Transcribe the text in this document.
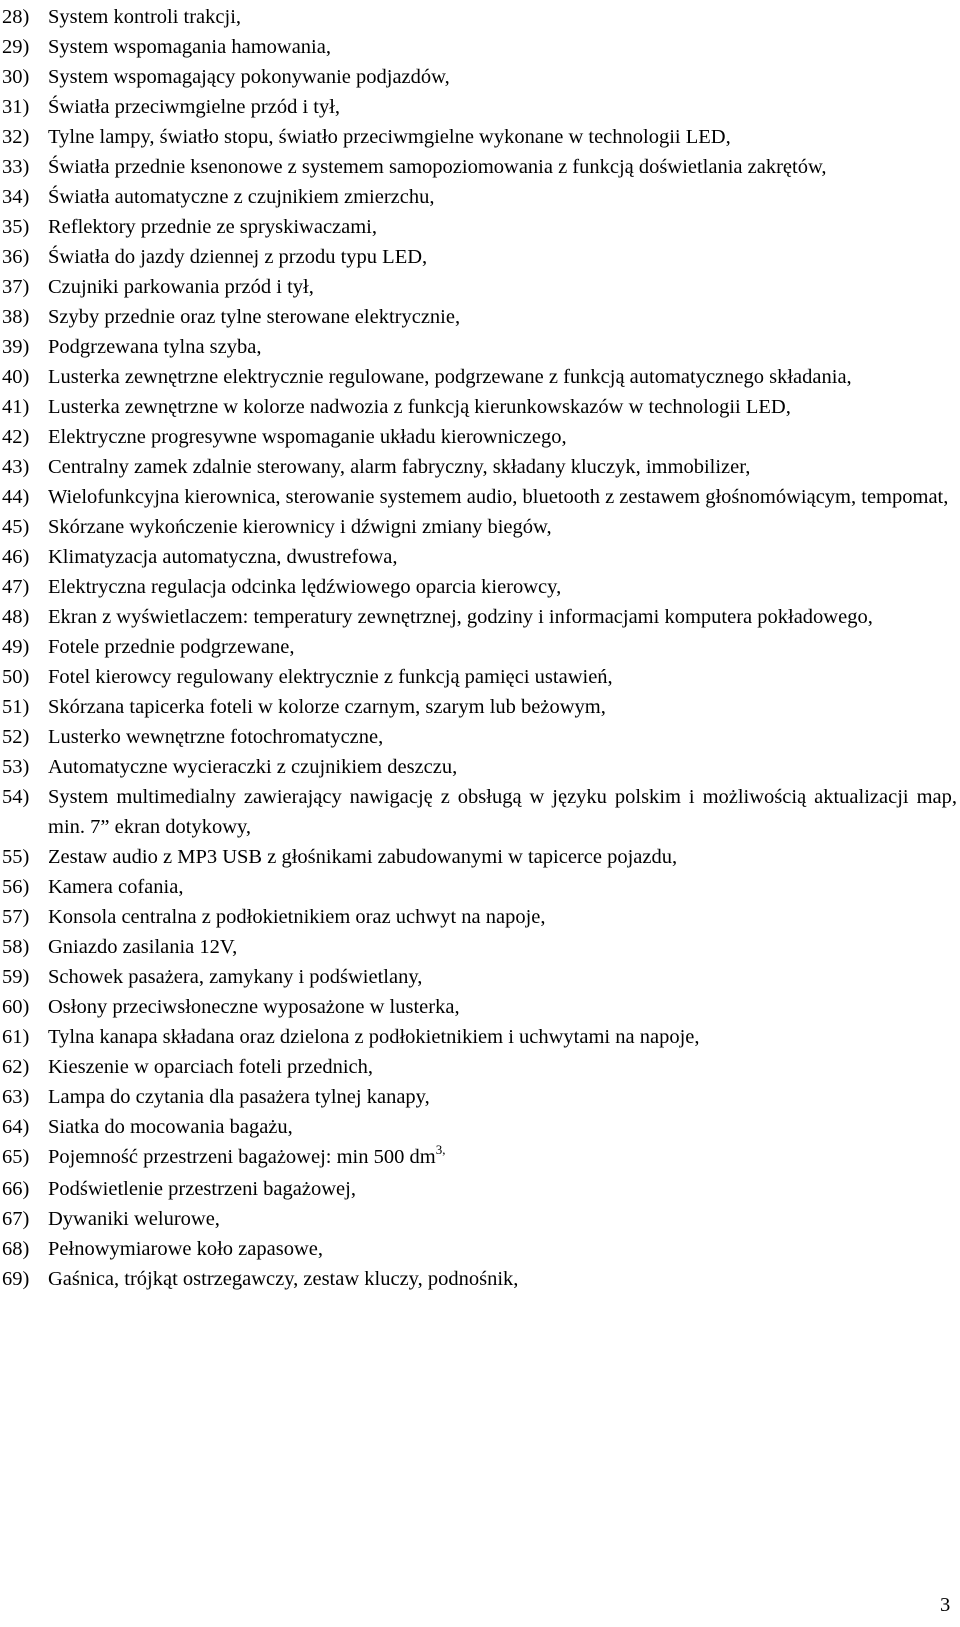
28) System kontroli trakcji,
29) System wspomagania hamowania,
30) System wspomagający pokonywanie podjazdów,
31) Światła przeciwmgielne przód i tył,
32) Tylne lampy, światło stopu, światło przeciwmgielne wykonane w technologii LED,
33) Światła przednie ksenonowe z systemem samopoziomowania z funkcją doświetlania zakrętów,
34) Światła automatyczne z czujnikiem zmierzchu,
35) Reflektory przednie ze spryskiwaczami,
36) Światła do jazdy dziennej z przodu typu LED,
37) Czujniki parkowania przód i tył,
38) Szyby przednie oraz tylne sterowane elektrycznie,
39) Podgrzewana tylna szyba,
40) Lusterka zewnętrzne elektrycznie regulowane, podgrzewane z funkcją automatycznego składania,
41) Lusterka zewnętrzne w kolorze nadwozia z funkcją kierunkowskazów w technologii LED,
42) Elektryczne progresywne wspomaganie układu kierowniczego,
43) Centralny zamek zdalnie sterowany, alarm fabryczny, składany kluczyk, immobilizer,
44) Wielofunkcyjna kierownica, sterowanie systemem audio, bluetooth z zestawem głośnomówiącym, tempomat,
45) Skórzane wykończenie kierownicy i dźwigni zmiany biegów,
46) Klimatyzacja automatyczna, dwustrefowa,
47) Elektryczna regulacja odcinka lędźwiowego oparcia kierowcy,
48) Ekran z wyświetlaczem: temperatury zewnętrznej, godziny i informacjami komputera pokładowego,
49) Fotele przednie podgrzewane,
50) Fotel kierowcy regulowany elektrycznie z funkcją pamięci ustawień,
51) Skórzana tapicerka foteli w kolorze czarnym, szarym lub beżowym,
52) Lusterko wewnętrzne fotochromatyczne,
53) Automatyczne wycieraczki z czujnikiem deszczu,
54) System multimedialny zawierający nawigację z obsługą w języku polskim i możliwością aktualizacji map, min. 7” ekran dotykowy,
55) Zestaw audio z MP3 USB z głośnikami zabudowanymi w tapicerce pojazdu,
56) Kamera cofania,
57) Konsola centralna z podłokietnikiem oraz uchwyt na napoje,
58) Gniazdo zasilania 12V,
59) Schowek pasażera, zamykany i podświetlany,
60) Osłony przeciwsłoneczne wyposażone w lusterka,
61) Tylna kanapa składana oraz dzielona z podłokietnikiem i uchwytami na napoje,
62) Kieszenie w oparciach foteli przednich,
63) Lampa do czytania dla pasażera tylnej kanapy,
64) Siatka do mocowania bagażu,
65) Pojemność przestrzeni bagażowej: min 500 $dm^{3,}$
66) Podświetlenie przestrzeni bagażowej,
67) Dywaniki welurowe,
68) Pełnowymiarowe koło zapasowe,
69) Gaśnica, trójkąt ostrzegawczy, zestaw kluczy, podnośnik,
3
